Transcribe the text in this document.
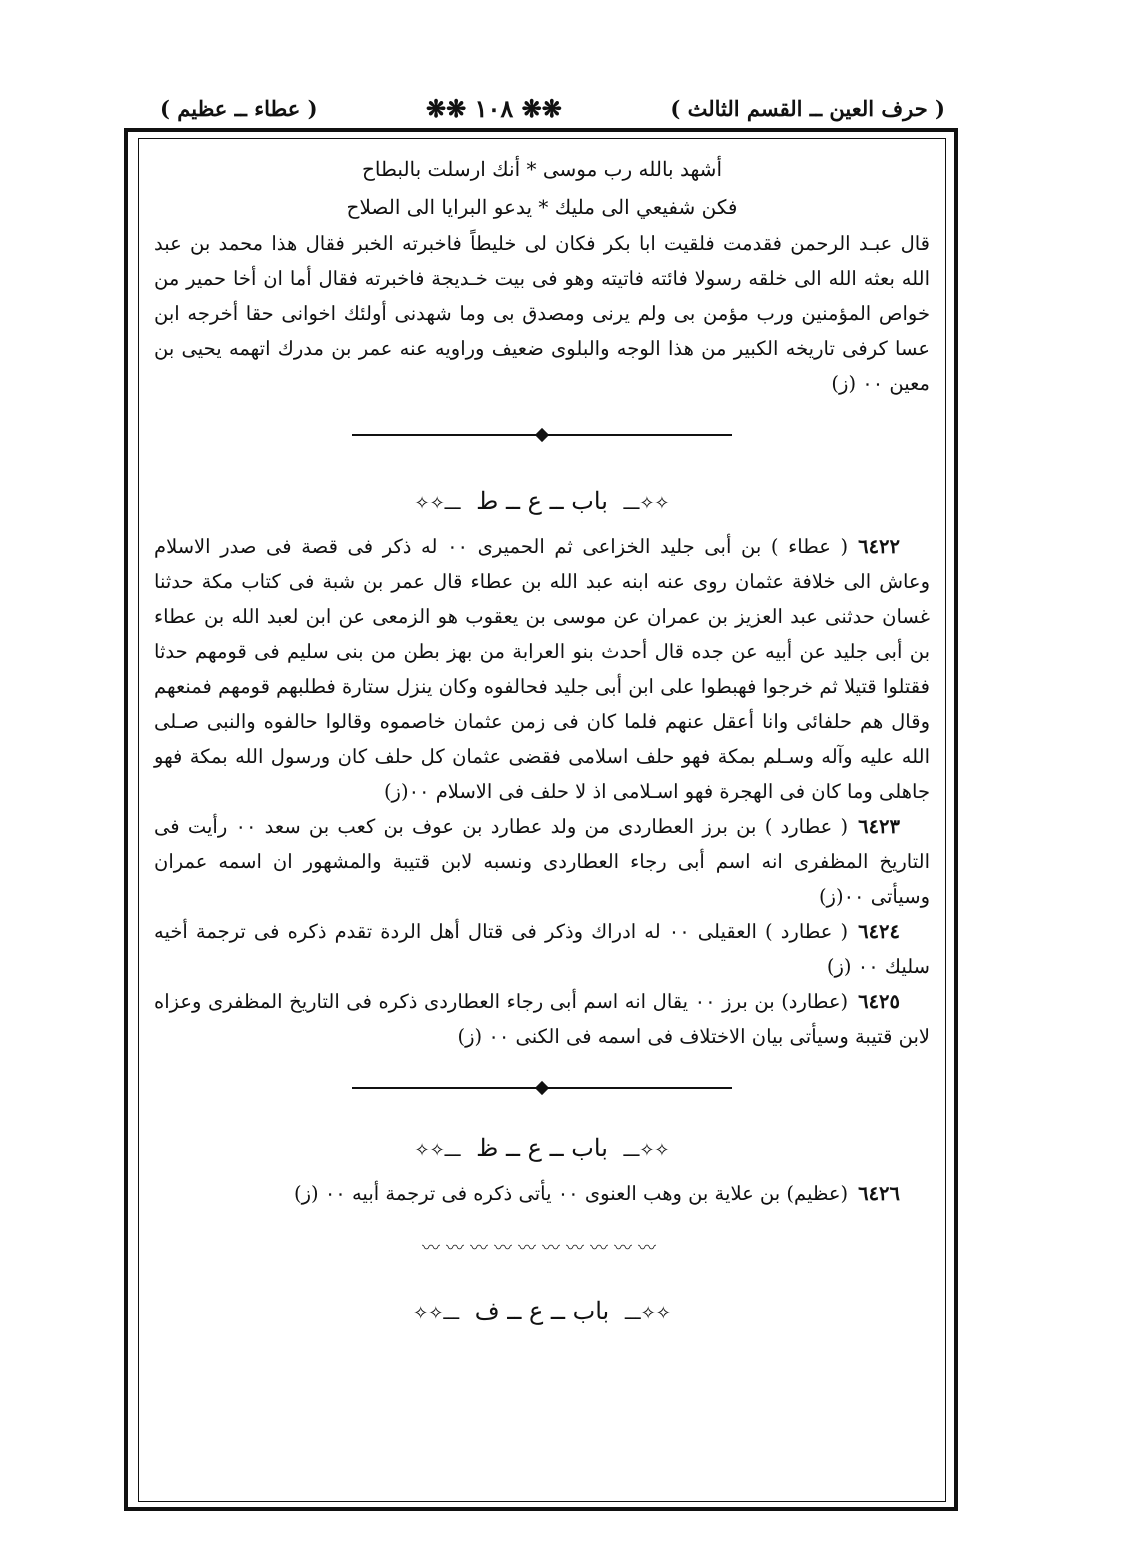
( حرف العين ــ القسم الثالث )
❋❋ ۱۰۸ ❋❋
( عطاء ــ عظيم )

أشهد بالله رب موسى * أنك ارسلت بالبطاح

فكن شفيعي الى مليك * يدعو البرايا الى الصلاح

قال عبـد الرحمن فقدمت فلقيت ابا بكر فكان لى خليطاً فاخبرته الخبر فقال هذا محمد بن عبد الله بعثه الله الى خلقه رسولا فائته فاتيته وهو فى بيت خـديجة فاخبرته فقال أما ان أخا حمير من خواص المؤمنين ورب مؤمن بى ولم يرنى ومصدق بى وما شهدنى أولئك اخوانى حقا أخرجه ابن عسا كرفى تاريخه الكبير من هذا الوجه والبلوى ضعيف وراويه عنه عمر بن مدرك اتهمه يحيى بن معين ٠٠ (ز)

✧✧ـــ باب ــ ع ــ ط ـــ✧✧

٦٤٢٢( عطاء ) بن أبى جليد الخزاعى ثم الحميرى ٠٠ له ذكر فى قصة فى صدر الاسلام وعاش الى خلافة عثمان روى عنه ابنه عبد الله بن عطاء قال عمر بن شبة فى كتاب مكة حدثنا غسان حدثنى عبد العزيز بن عمران عن موسى بن يعقوب هو الزمعى عن ابن لعبد الله بن عطاء بن أبى جليد عن أبيه عن جده قال أحدث بنو العرابة من بهز بطن من بنى سليم فى قومهم حدثا فقتلوا قتيلا ثم خرجوا فهبطوا على ابن أبى جليد فحالفوه وكان ينزل ستارة فطلبهم قومهم فمنعهم وقال هم حلفائى وانا أعقل عنهم فلما كان فى زمن عثمان خاصموه وقالوا حالفوه والنبى صـلى الله عليه وآله وسـلم بمكة فهو حلف اسلامى فقضى عثمان كل حلف كان ورسول الله بمكة فهو جاهلى وما كان فى الهجرة فهو اسـلامى اذ لا حلف فى الاسلام ٠٠(ز)

٦٤٢٣( عطارد ) بن برز العطاردى من ولد عطارد بن عوف بن كعب بن سعد ٠٠ رأيت فى التاريخ المظفرى انه اسم أبى رجاء العطاردى ونسبه لابن قتيبة والمشهور ان اسمه عمران وسيأتى ٠٠(ز)

٦٤٢٤( عطارد ) العقيلى ٠٠ له ادراك وذكر فى قتال أهل الردة تقدم ذكره فى ترجمة أخيه سليك ٠٠ (ز)

٦٤٢٥(عطارد) بن برز ٠٠ يقال انه اسم أبى رجاء العطاردى ذكره فى التاريخ المظفرى وعزاه لابن قتيبة وسيأتى بيان الاختلاف فى اسمه فى الكنى ٠٠ (ز)

✧✧ـــ باب ــ ع ــ ظ ـــ✧✧

٦٤٢٦(عظيم) بن علاية بن وهب العنوى ٠٠ يأتى ذكره فى ترجمة أبيه ٠٠ (ز)

〰〰〰〰〰〰〰〰〰〰
✧✧ـــ باب ــ ع ــ ف ـــ✧✧
